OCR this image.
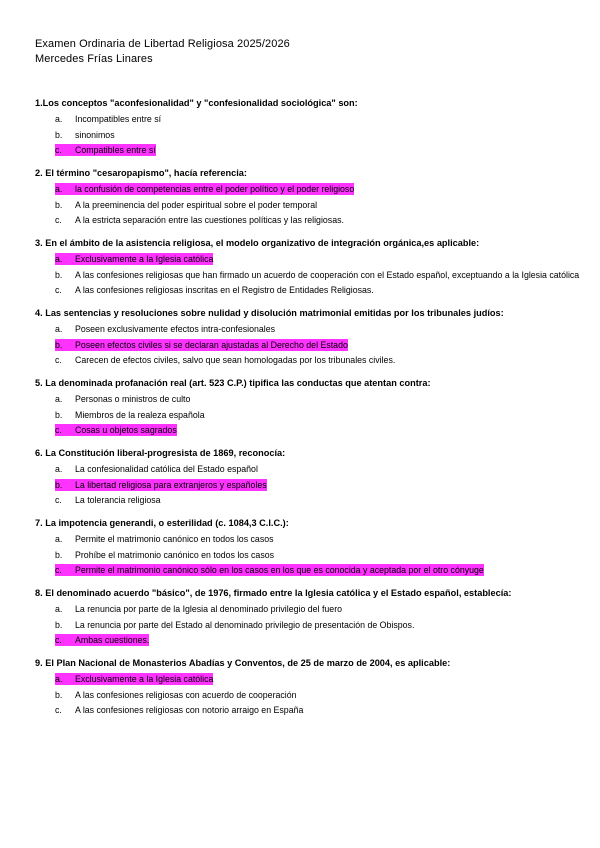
Examen Ordinaria de Libertad Religiosa 2025/2026
Mercedes Frías Linares
1.Los conceptos "aconfesionalidad" y "confesionalidad sociológica" son:
a.	Incompatibles entre sí
b.	sinonimos
c.	Compatibles entre sí
2. El término "cesaropapismo", hacía referencia:
a.	la confusión de competencias entre el poder político y el poder religioso
b.	A la preeminencia del poder espiritual sobre el poder temporal
c.	A la estricta separación entre las cuestiones políticas y las religiosas.
3. En el ámbito de la asistencia religiosa, el modelo organizativo de integración orgánica,es aplicable:
a.	Exclusivamente a la Iglesia católica
b.	A las confesiones religiosas que han firmado un acuerdo de cooperación con el Estado español, exceptuando a la Iglesia católica
c.	A las confesiones religiosas inscritas en el Registro de Entidades Religiosas.
4. Las sentencias y resoluciones sobre nulidad y disolución matrimonial emitidas por los tribunales judíos:
a.	Poseen exclusivamente efectos intra-confesionales
b.	Poseen efectos civiles si se declaran ajustadas al Derecho del Estado
c.	Carecen de efectos civiles, salvo que sean homologadas por los tribunales civiles.
5. La denominada profanación real (art. 523 C.P.) tipifica las conductas que atentan contra:
a.	Personas o ministros de culto
b.	Miembros de la realeza española
c.	Cosas u objetos sagrados
6. La Constitución liberal-progresista de 1869, reconocía:
a.	La confesionalidad católica del Estado español
b.	La libertad religiosa para extranjeros y españoles
c.	La tolerancia religiosa
7. La impotencia generandi, o esterilidad (c. 1084,3 C.I.C.):
a.	Permite el matrimonio canónico en todos los casos
b.	Prohíbe el matrimonio canónico en todos los casos
c.	Permite el matrimonio canónico sólo en los casos en los que es conocida y aceptada por el otro cónyuge
8. El denominado acuerdo "básico", de 1976, firmado entre la Iglesia católica y el Estado español, establecía:
a.	La renuncia por parte de la Iglesia al denominado privilegio del fuero
b.	La renuncia por parte del Estado al denominado privilegio de presentación de Obispos.
c.	Ambas cuestiones.
9. El Plan Nacional de Monasterios Abadías y Conventos, de 25 de marzo de 2004, es aplicable:
a.	Exclusivamente a la Iglesia católica
b.	A las confesiones religiosas con acuerdo de cooperación
c.	A las confesiones religiosas con notorio arraigo en España
